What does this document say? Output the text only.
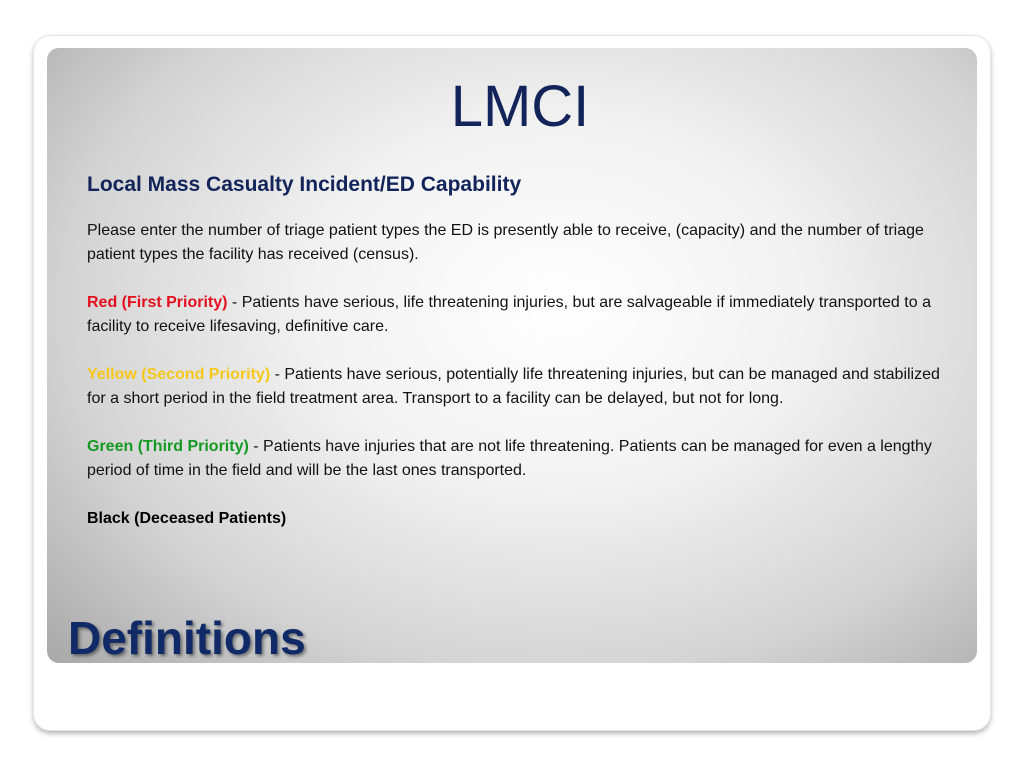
LMCI

Local Mass Casualty Incident/ED Capability

Please enter the number of triage patient types the ED is presently able to receive, (capacity) and the number of triage patient types the facility has received (census).

Red (First Priority) - Patients have serious, life threatening injuries, but are salvageable if immediately transported to a facility to receive lifesaving, definitive care.

Yellow (Second Priority) - Patients have serious, potentially life threatening injuries, but can be managed and stabilized for a short period in the field treatment area. Transport to a facility can be delayed, but not for long.

Green (Third Priority) - Patients have injuries that are not life threatening. Patients can be managed for even a lengthy period of time in the field and will be the last ones transported.

Black (Deceased Patients)

Definitions
